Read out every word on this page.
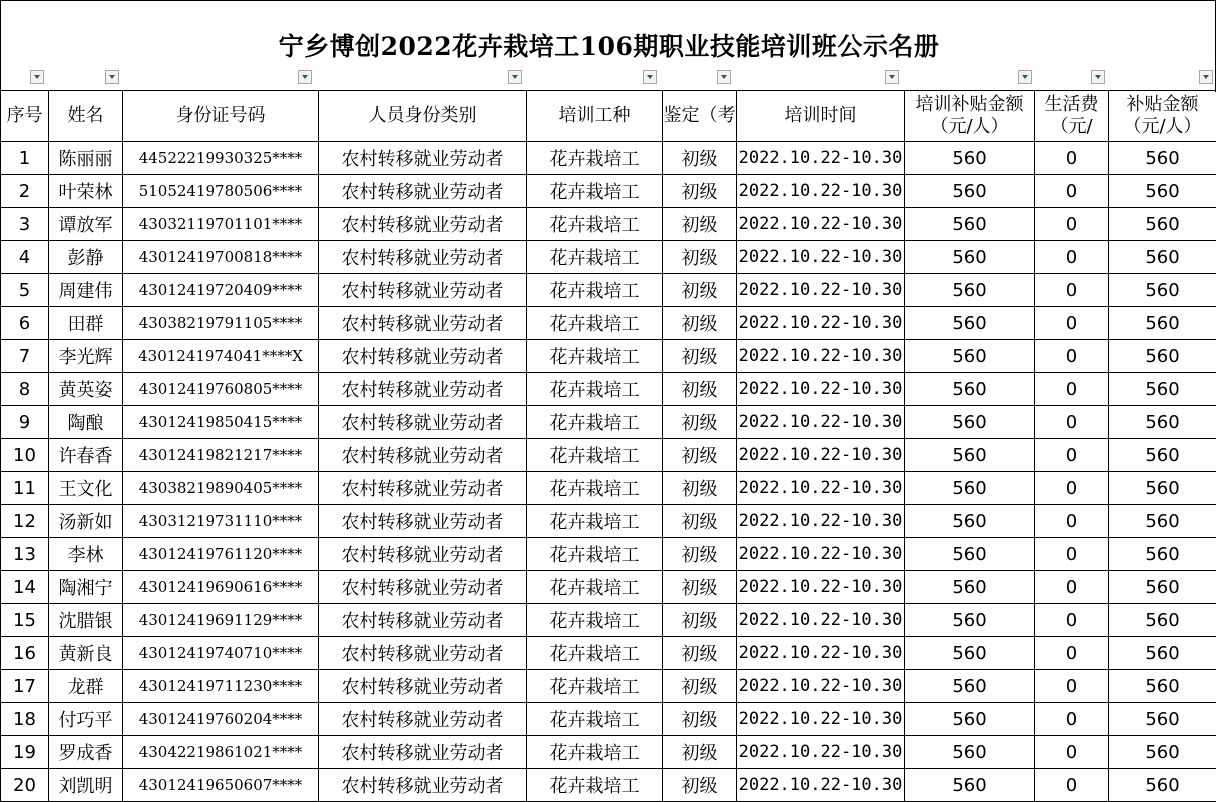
宁乡博创2022花卉栽培工106期职业技能培训班公示名册
序号	姓名	身份证号码	人员身份类别	培训工种	鉴定（考	培训时间	培训补贴金额（元/人）	生活费（元/	补贴金额（元/人）
1	陈丽丽	44522219930325****	农村转移就业劳动者	花卉栽培工	初级	2022.10.22-10.30	560	0	560
2	叶荣林	51052419780506****	农村转移就业劳动者	花卉栽培工	初级	2022.10.22-10.30	560	0	560
3	谭放军	43032119701101****	农村转移就业劳动者	花卉栽培工	初级	2022.10.22-10.30	560	0	560
4	彭静	43012419700818****	农村转移就业劳动者	花卉栽培工	初级	2022.10.22-10.30	560	0	560
5	周建伟	43012419720409****	农村转移就业劳动者	花卉栽培工	初级	2022.10.22-10.30	560	0	560
6	田群	43038219791105****	农村转移就业劳动者	花卉栽培工	初级	2022.10.22-10.30	560	0	560
7	李光辉	4301241974041****X	农村转移就业劳动者	花卉栽培工	初级	2022.10.22-10.30	560	0	560
8	黄英姿	43012419760805****	农村转移就业劳动者	花卉栽培工	初级	2022.10.22-10.30	560	0	560
9	陶酿	43012419850415****	农村转移就业劳动者	花卉栽培工	初级	2022.10.22-10.30	560	0	560
10	许春香	43012419821217****	农村转移就业劳动者	花卉栽培工	初级	2022.10.22-10.30	560	0	560
11	王文化	43038219890405****	农村转移就业劳动者	花卉栽培工	初级	2022.10.22-10.30	560	0	560
12	汤新如	43031219731110****	农村转移就业劳动者	花卉栽培工	初级	2022.10.22-10.30	560	0	560
13	李林	43012419761120****	农村转移就业劳动者	花卉栽培工	初级	2022.10.22-10.30	560	0	560
14	陶湘宁	43012419690616****	农村转移就业劳动者	花卉栽培工	初级	2022.10.22-10.30	560	0	560
15	沈腊银	43012419691129****	农村转移就业劳动者	花卉栽培工	初级	2022.10.22-10.30	560	0	560
16	黄新良	43012419740710****	农村转移就业劳动者	花卉栽培工	初级	2022.10.22-10.30	560	0	560
17	龙群	43012419711230****	农村转移就业劳动者	花卉栽培工	初级	2022.10.22-10.30	560	0	560
18	付巧平	43012419760204****	农村转移就业劳动者	花卉栽培工	初级	2022.10.22-10.30	560	0	560
19	罗成香	43042219861021****	农村转移就业劳动者	花卉栽培工	初级	2022.10.22-10.30	560	0	560
20	刘凯明	43012419650607****	农村转移就业劳动者	花卉栽培工	初级	2022.10.22-10.30	560	0	560
